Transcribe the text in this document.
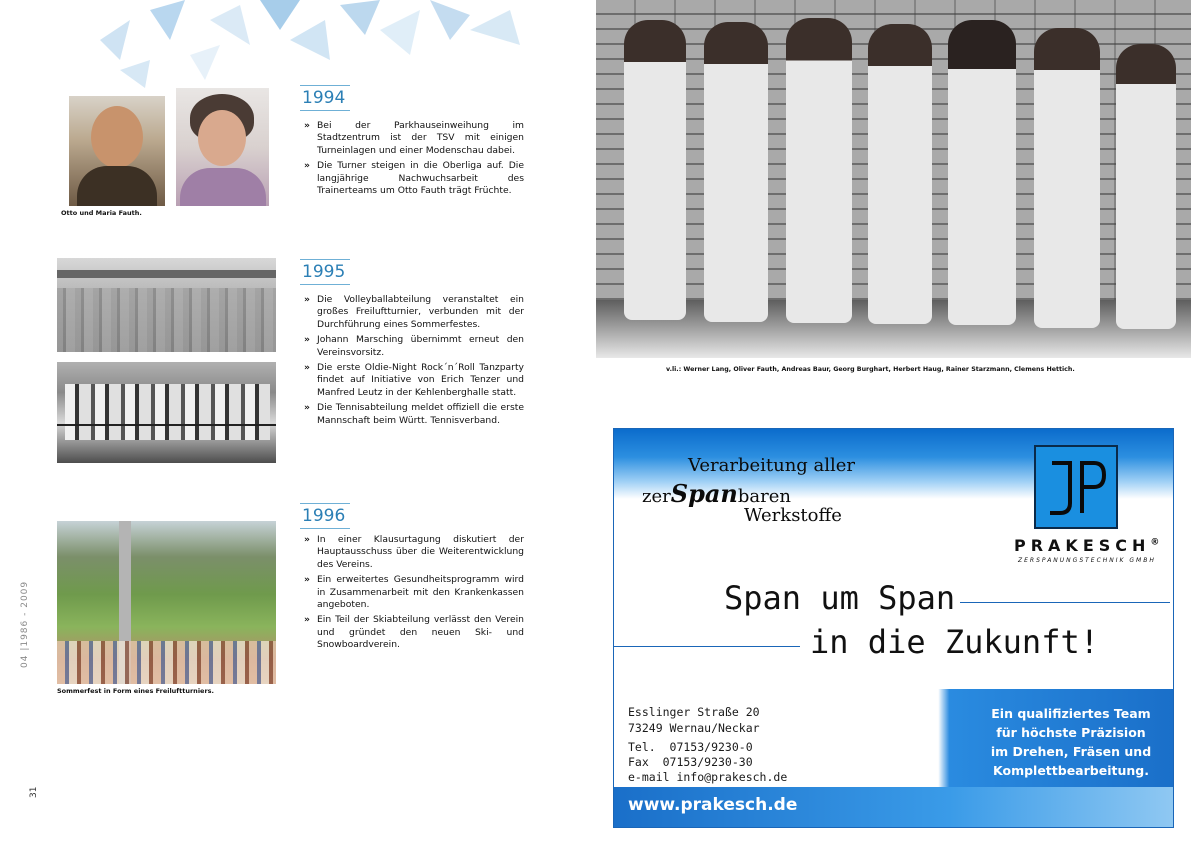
Otto und Maria Fauth.
1994
» Bei der Parkhauseinweihung im Stadtzentrum ist der TSV mit einigen Turneinlagen und einer Modenschau dabei.
» Die Turner steigen in die Oberliga auf. Die langjährige Nachwuchsarbeit des Trainerteams um Otto Fauth trägt Früchte.
1995
» Die Volleyballabteilung veranstaltet ein großes Freiluftturnier, verbunden mit der Durchführung eines Sommerfestes.
» Johann Marsching übernimmt erneut den Vereinsvorsitz.
» Die erste Oldie-Night Rock´n´Roll Tanzparty findet auf Initiative von Erich Tenzer und Manfred Leutz in der Kehlenberghalle statt.
» Die Tennisabteilung meldet offiziell die erste Mannschaft beim Württ. Tennisverband.
Sommerfest in Form eines Freiluftturniers.
1996
» In einer Klausurtagung diskutiert der Hauptausschuss über die Weiterentwicklung des Vereins.
» Ein erweitertes Gesundheitsprogramm wird in Zusammenarbeit mit den Krankenkassen angeboten.
» Ein Teil der Skiabteilung verlässt den Verein und gründet den neuen Ski- und Snowboardverein.
04 |1986 - 2009
31
v.li.: Werner Lang, Oliver Fauth, Andreas Baur, Georg Burghart, Herbert Haug, Rainer Starzmann, Clemens Hettich.
Verarbeitung aller
zerSpanbaren
Werkstoffe
PRAKESCH®
ZERSPANUNGSTECHNIK GMBH
Span um Span
in die Zukunft!
Esslinger Straße 20
73249 Wernau/Neckar
Tel.  07153/9230-0
Fax  07153/9230-30
e-mail info@prakesch.de
Ein qualifiziertes Team
für höchste Präzision
im Drehen, Fräsen und
Komplettbearbeitung.
www.prakesch.de
